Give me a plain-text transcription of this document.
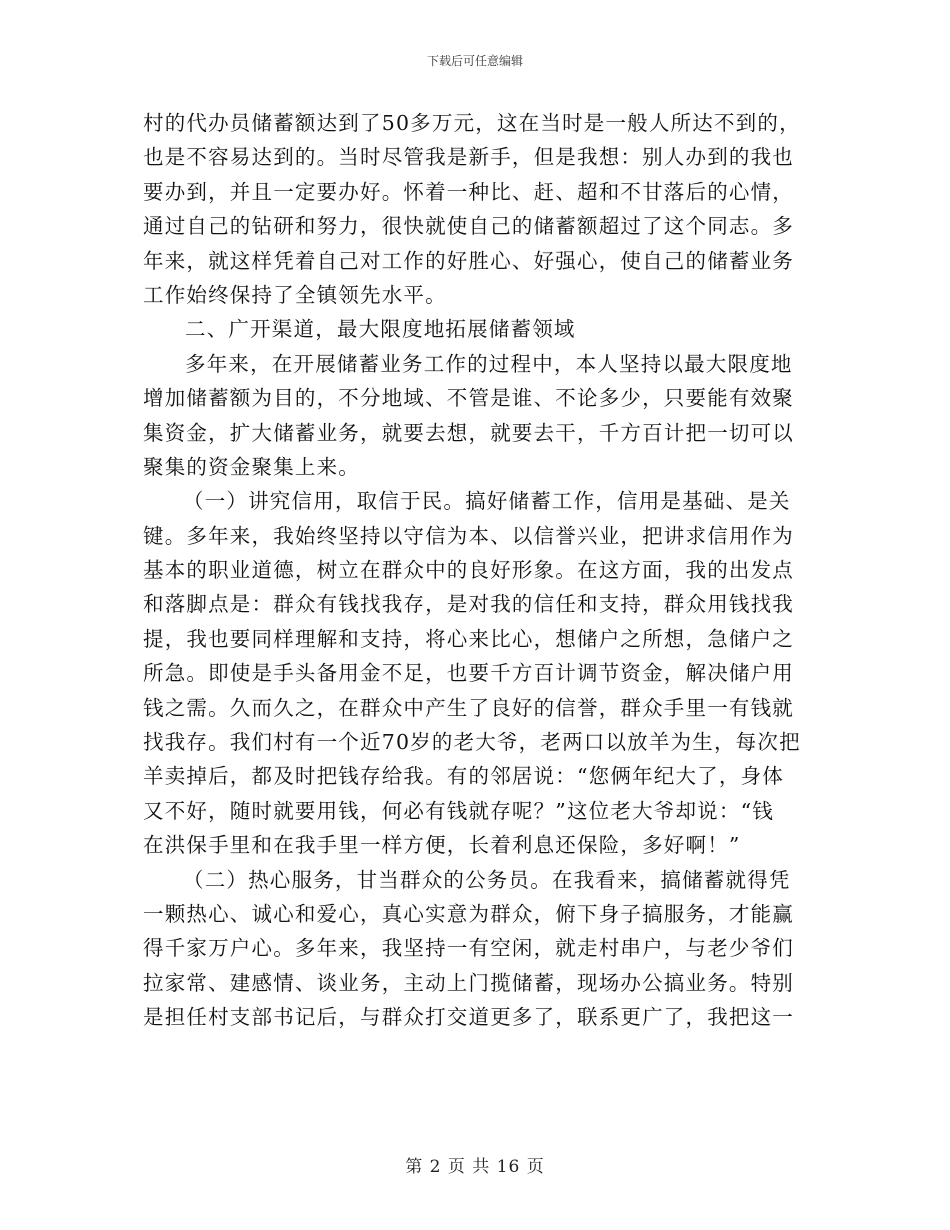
下载后可任意编辑
村的代办员储蓄额达到了50多万元，这在当时是一般人所达不到的，
也是不容易达到的。当时尽管我是新手，但是我想：别人办到的我也
要办到，并且一定要办好。怀着一种比、赶、超和不甘落后的心情，
通过自己的钻研和努力，很快就使自己的储蓄额超过了这个同志。多
年来，就这样凭着自己对工作的好胜心、好强心，使自己的储蓄业务
工作始终保持了全镇领先水平。
二、广开渠道，最大限度地拓展储蓄领域
多年来，在开展储蓄业务工作的过程中，本人坚持以最大限度地
增加储蓄额为目的，不分地域、不管是谁、不论多少，只要能有效聚
集资金，扩大储蓄业务，就要去想，就要去干，千方百计把一切可以
聚集的资金聚集上来。
（一）讲究信用，取信于民。搞好储蓄工作，信用是基础、是关
键。多年来，我始终坚持以守信为本、以信誉兴业，把讲求信用作为
基本的职业道德，树立在群众中的良好形象。在这方面，我的出发点
和落脚点是：群众有钱找我存，是对我的信任和支持，群众用钱找我
提，我也要同样理解和支持，将心来比心，想储户之所想，急储户之
所急。即使是手头备用金不足，也要千方百计调节资金，解决储户用
钱之需。久而久之，在群众中产生了良好的信誉，群众手里一有钱就
找我存。我们村有一个近70岁的老大爷，老两口以放羊为生，每次把
羊卖掉后，都及时把钱存给我。有的邻居说：“您俩年纪大了，身体
又不好，随时就要用钱，何必有钱就存呢？”这位老大爷却说：“钱
在洪保手里和在我手里一样方便，长着利息还保险，多好啊！”
（二）热心服务，甘当群众的公务员。在我看来，搞储蓄就得凭
一颗热心、诚心和爱心，真心实意为群众，俯下身子搞服务，才能赢
得千家万户心。多年来，我坚持一有空闲，就走村串户，与老少爷们
拉家常、建感情、谈业务，主动上门揽储蓄，现场办公搞业务。特别
是担任村支部书记后，与群众打交道更多了，联系更广了，我把这一
第 2 页 共 16 页
